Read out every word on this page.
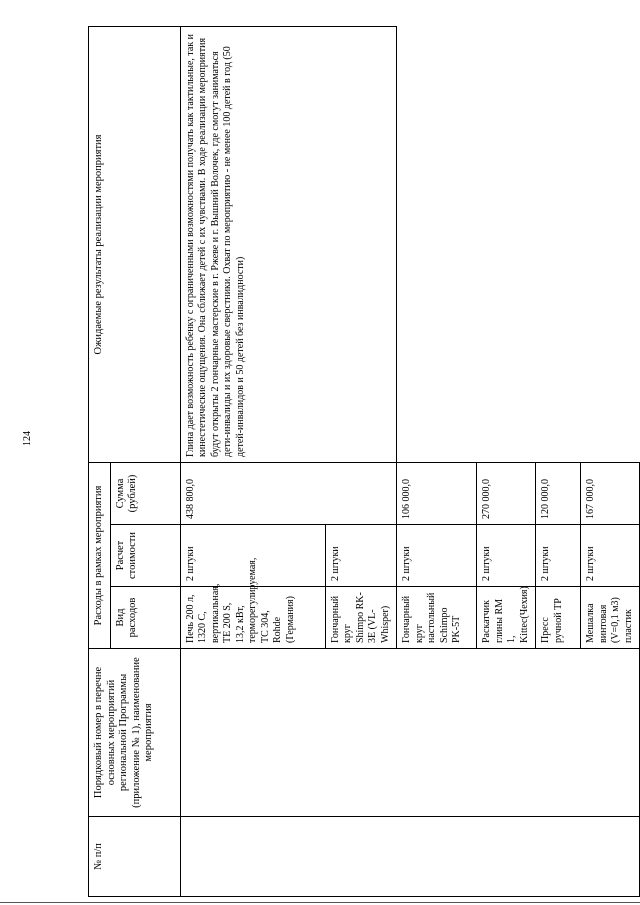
124
№ п/п	Порядковый номер в перечне основных мероприятий региональной Программы (приложение № 1), наименование мероприятия	Расходы в рамках мероприятия			Ожидаемые результаты реализации мероприятия
		Вид расходов	Расчет стоимости	Сумма (рублей)	
		Печь 200 л, 1320 С, вертикальная, ТЕ 200 S, 13,2 кВт, терморегулируемая, ТС 304, Rohde (Германия)	2 штуки	438 800,0	Глина дает возможность ребенку с ограниченными возможностями получать как тактильные, так и кинестетические ощущения. Она сближает детей с их чувствами. В ходе реализации мероприятия будут открыты 2 гончарные мастерские в г. Ржеве и г. Вышний Волочек, где смогут заниматься дети-инвалиды и их здоровые сверстники. Охват по мероприятию - не менее 100 детей в год (50 детей-инвалидов и 50 детей без инвалидности)
		Гончарный круг Shimpo RK- 3E (VL-Whisper)	2 штуки		
		Гончарный круг настольный Schimpo PK-5T	2 штуки	106 000,0	
		Раскатчик глины RM 1, Kittec(Чехия)	2 штуки	270 000,0	
		Пресс ручной ТР	2 штуки	120 000,0	
		Мешалка винтовая (V=0,1 м3) пластик	2 штуки	167 000,0	
